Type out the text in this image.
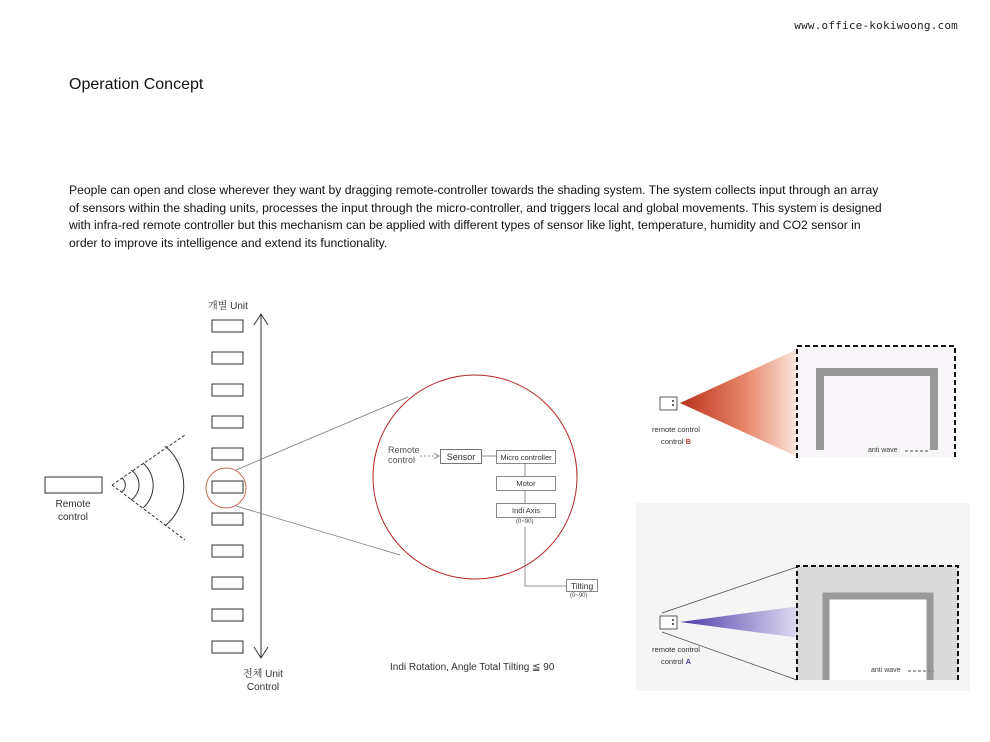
www.office-kokiwoong.com
Operation Concept
People can open and close wherever they want by dragging remote-controller towards the shading system. The system collects input through an array of sensors within the shading units, processes the input through the micro-controller, and triggers local and global movements. This system is designed with infra-red remote controller but this mechanism can be applied with different types of sensor like light, temperature, humidity and CO2 sensor in order to improve its intelligence and extend its functionality.
개별 Unit
Remote
control
전체 Unit
Control
Remote
control	Sensor	Micro controller
Motor
Indi Axis
(0~90)
Tilting
(0~90)
Indi Rotation, Angle Total Tilting ≦ 90
remote control
control B
anti wave
remote control
control A
anti wave
